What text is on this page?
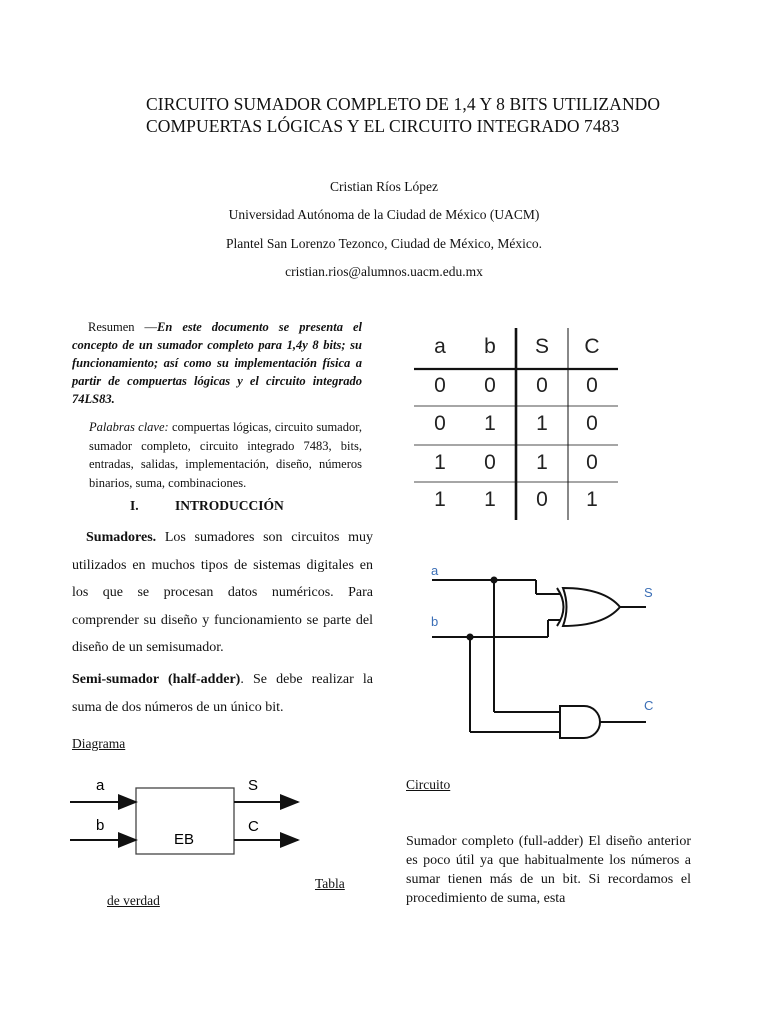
CIRCUITO SUMADOR COMPLETO DE 1,4 Y 8 BITS UTILIZANDO
COMPUERTAS LÓGICAS Y EL CIRCUITO INTEGRADO 7483
Cristian Ríos López
Universidad Autónoma de la Ciudad de México (UACM)
Plantel San Lorenzo Tezonco, Ciudad de México, México.
cristian.rios@alumnos.uacm.edu.mx
Resumen —En este documento se presenta el concepto de un sumador completo para 1,4y 8 bits; su funcionamiento; así como su implementación física a partir de compuertas lógicas y el circuito integrado 74LS83.
Palabras clave: compuertas lógicas, circuito sumador, sumador completo, circuito integrado 7483, bits, entradas, salidas, implementación, diseño, números binarios, suma, combinaciones.
I.	INTRODUCCIÓN
Sumadores. Los sumadores son circuitos muy utilizados en muchos tipos de sistemas digitales en los que se procesan datos numéricos. Para comprender su diseño y funcionamiento se parte del diseño de un semisumador.
Semi-sumador (half-adder). Se debe realizar la suma de dos números de un único bit.
Diagrama
a
b
S
C
EB
Tabla
de verdad
a b S C
0 0 0 0
0 1 1 0
1 0 1 0
1 1 0 1
a
b
S
C
Circuito
Sumador completo (full-adder) El diseño anterior es poco útil ya que habitualmente los números a sumar tienen más de un bit. Si recordamos el procedimiento de suma, esta
